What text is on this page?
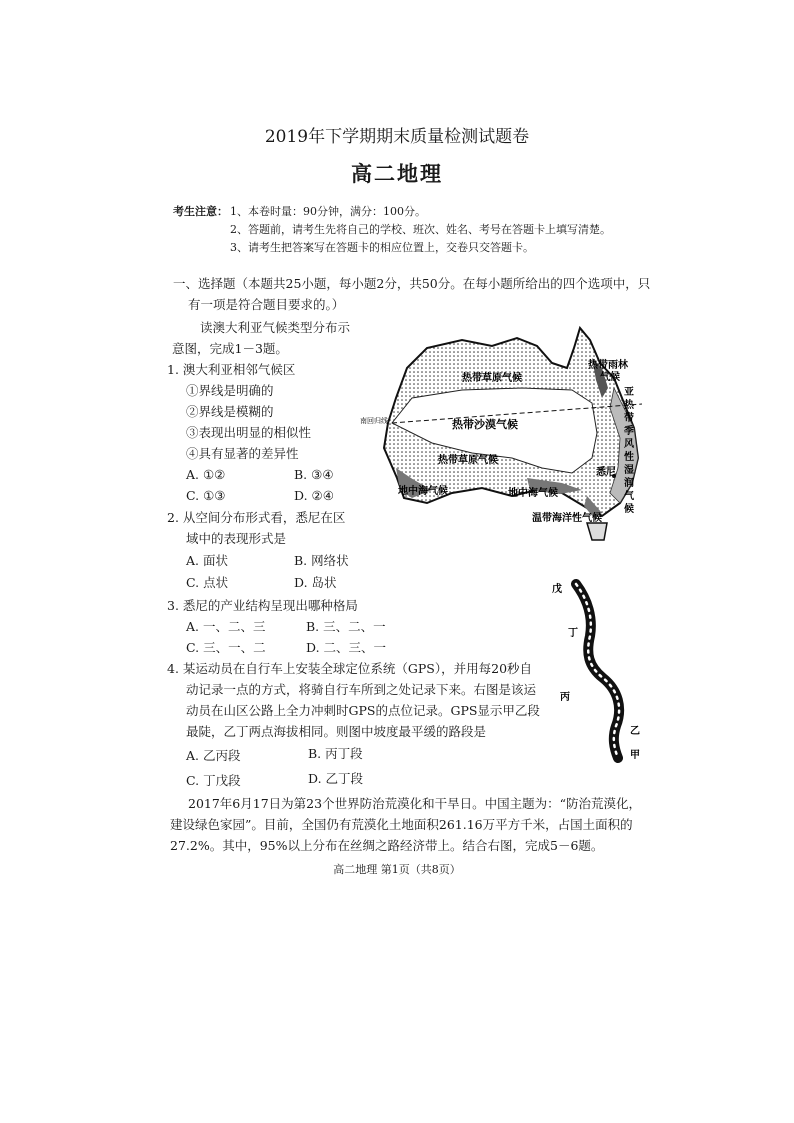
2019年下学期期末质量检测试题卷
高二地理
考生注意： 1、本卷时量：90分钟，满分：100分。
2、答题前，请考生先将自己的学校、班次、姓名、考号在答题卡上填写清楚。
3、请考生把答案写在答题卡的相应位置上，交卷只交答题卡。
一、选择题（本题共25小题，每小题2分，共50分。在每小题所给出的四个选项中，只
有一项是符合题目要求的。）
读澳大利亚气候类型分布示
意图，完成1－3题。
1. 澳大利亚相邻气候区
①界线是明确的
②界线是模糊的
③表现出明显的相似性
④具有显著的差异性
A. ①②	B. ③④
C. ①③	D. ②④
2. 从空间分布形式看，悉尼在区
域中的表现形式是
A. 面状	B. 网络状
C. 点状	D. 岛状
3. 悉尼的产业结构呈现出哪种格局
A. 一、二、三	B. 三、二、一
C. 三、一、二	D. 二、三、一
4. 某运动员在自行车上安装全球定位系统（GPS），并用每20秒自
动记录一点的方式，将骑自行车所到之处记录下来。右图是该运
动员在山区公路上全力冲刺时GPS的点位记录。GPS显示甲乙段
最陡，乙丁两点海拔相同。则图中坡度最平缓的路段是
A. 乙丙段	B. 丙丁段
C. 丁戊段	D. 乙丁段
2017年6月17日为第23个世界防治荒漠化和干旱日。中国主题为：“防治荒漠化，
建设绿色家园”。目前，全国仍有荒漠化土地面积261.16万平方千米，占国土面积的
27.2%。其中，95%以上分布在丝绸之路经济带上。结合右图，完成5－6题。
高二地理 第1页（共8页）
热带雨林
气候
热带草原气候
南回归线	热带沙漠气候
热带草原气候
亚
热
带
季
风
性
湿
润
气
候
悉尼
地中海气候	地中海气候
温带海洋性气候
戊
丁
丙
乙
甲
